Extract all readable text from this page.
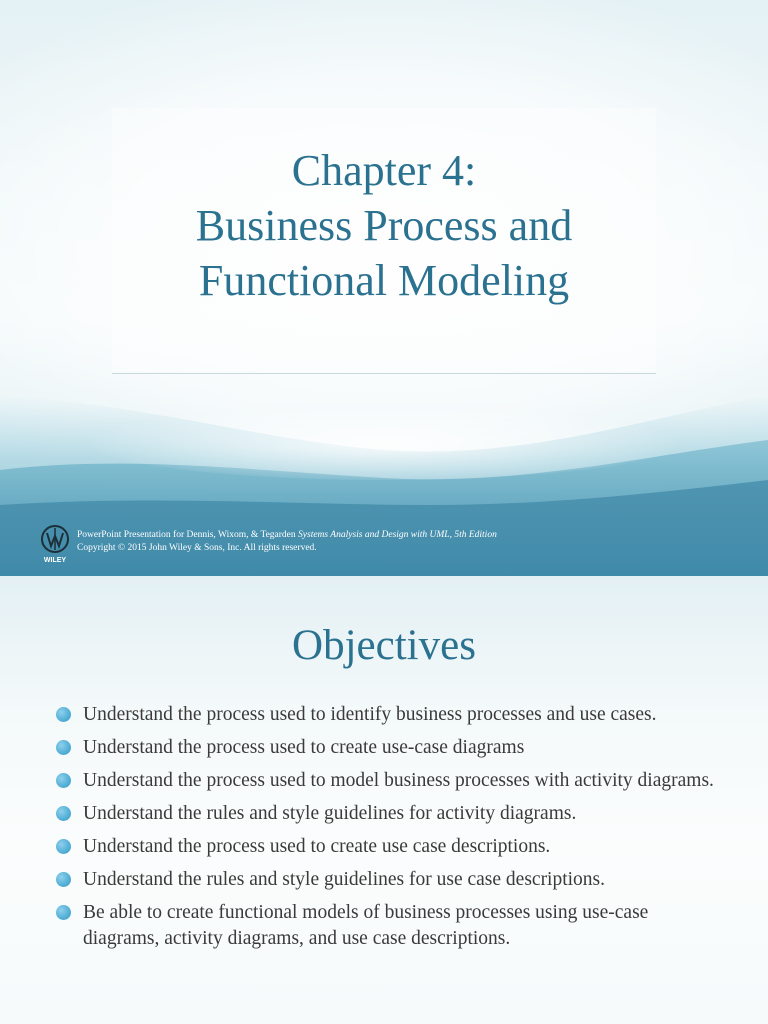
Chapter 4:
Business Process and
Functional Modeling
WILEY
PowerPoint Presentation for Dennis, Wixom, & Tegarden Systems Analysis and Design with UML, 5th Edition
Copyright © 2015 John Wiley & Sons, Inc. All rights reserved.
Objectives
Understand the process used to identify business processes and use cases.
Understand the process used to create use-case diagrams
Understand the process used to model business processes with activity diagrams.
Understand the rules and style guidelines for activity diagrams.
Understand the process used to create use case descriptions.
Understand the rules and style guidelines for use case descriptions.
Be able to create functional models of business processes using use-case diagrams, activity diagrams, and use case descriptions.
